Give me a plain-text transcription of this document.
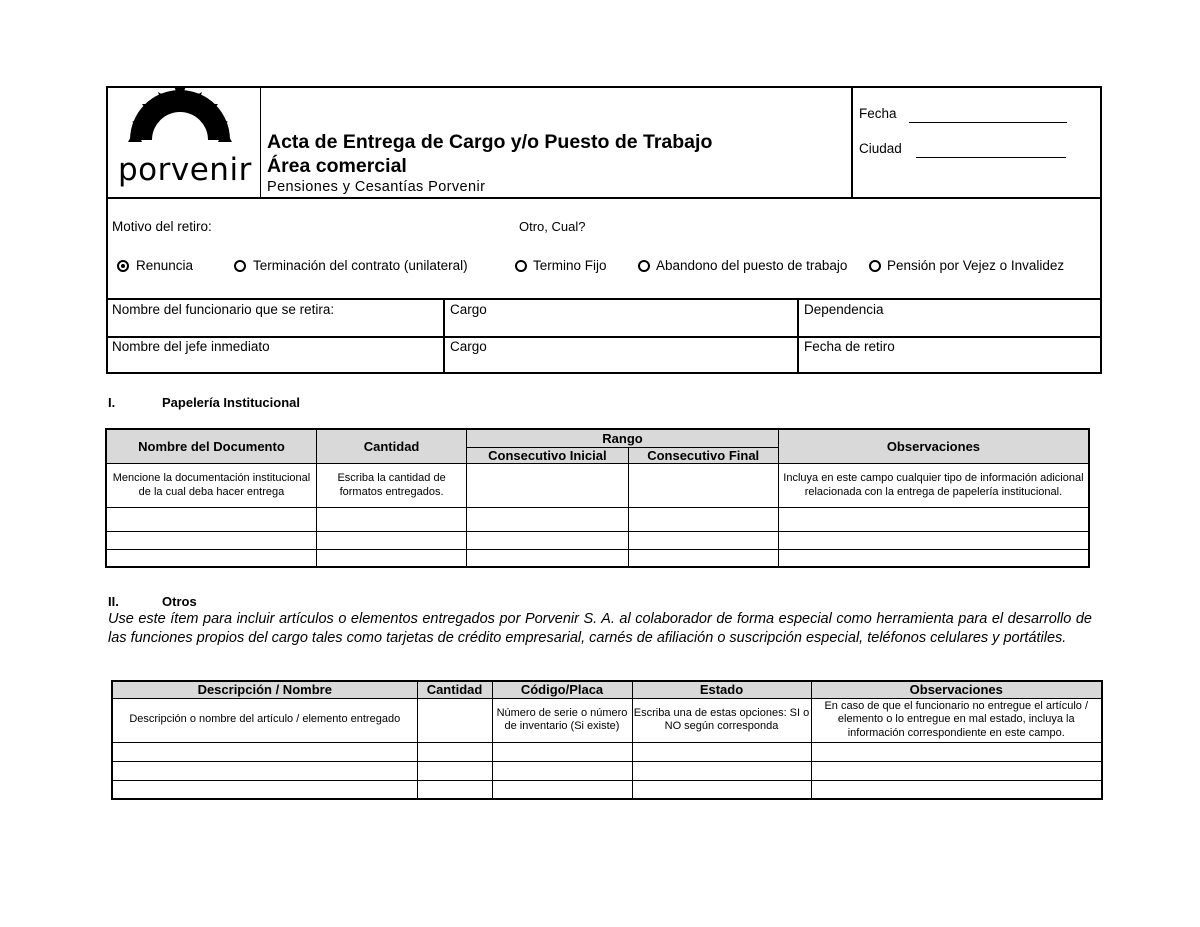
porvenir
Acta de Entrega de Cargo y/o Puesto de Trabajo
Área comercial
Pensiones y Cesantías Porvenir
Fecha
Ciudad
Motivo del retiro:	Otro, Cual?
Renuncia	Terminación del contrato (unilateral)	Termino Fijo	Abandono del puesto de trabajo	Pensión por Vejez o Invalidez
Nombre del funcionario que se retira:	Cargo	Dependencia
Nombre del jefe inmediato	Cargo	Fecha de retiro
I.	Papelería Institucional
Nombre del Documento	Cantidad	Rango		Observaciones
		Consecutivo Inicial	Consecutivo Final	
Mencione la documentación institucional de la cual deba hacer entrega	Escriba la cantidad de formatos entregados.			Incluya en este campo cualquier tipo de información adicional relacionada con la entrega de papelería institucional.

II.	Otros
Use este ítem para incluir artículos o elementos entregados por Porvenir S. A. al colaborador de forma especial como herramienta para el desarrollo de las funciones propios del cargo tales como tarjetas de crédito empresarial, carnés de afiliación o suscripción especial, teléfonos celulares y portátiles.
Descripción / Nombre	Cantidad	Código/Placa	Estado	Observaciones
Descripción o nombre del artículo / elemento entregado		Número de serie o número de inventario (Si existe)	Escriba una de estas opciones: SI o NO según corresponda	En caso de que el funcionario no entregue el artículo / elemento o lo entregue en mal estado, incluya la información correspondiente en este campo.
